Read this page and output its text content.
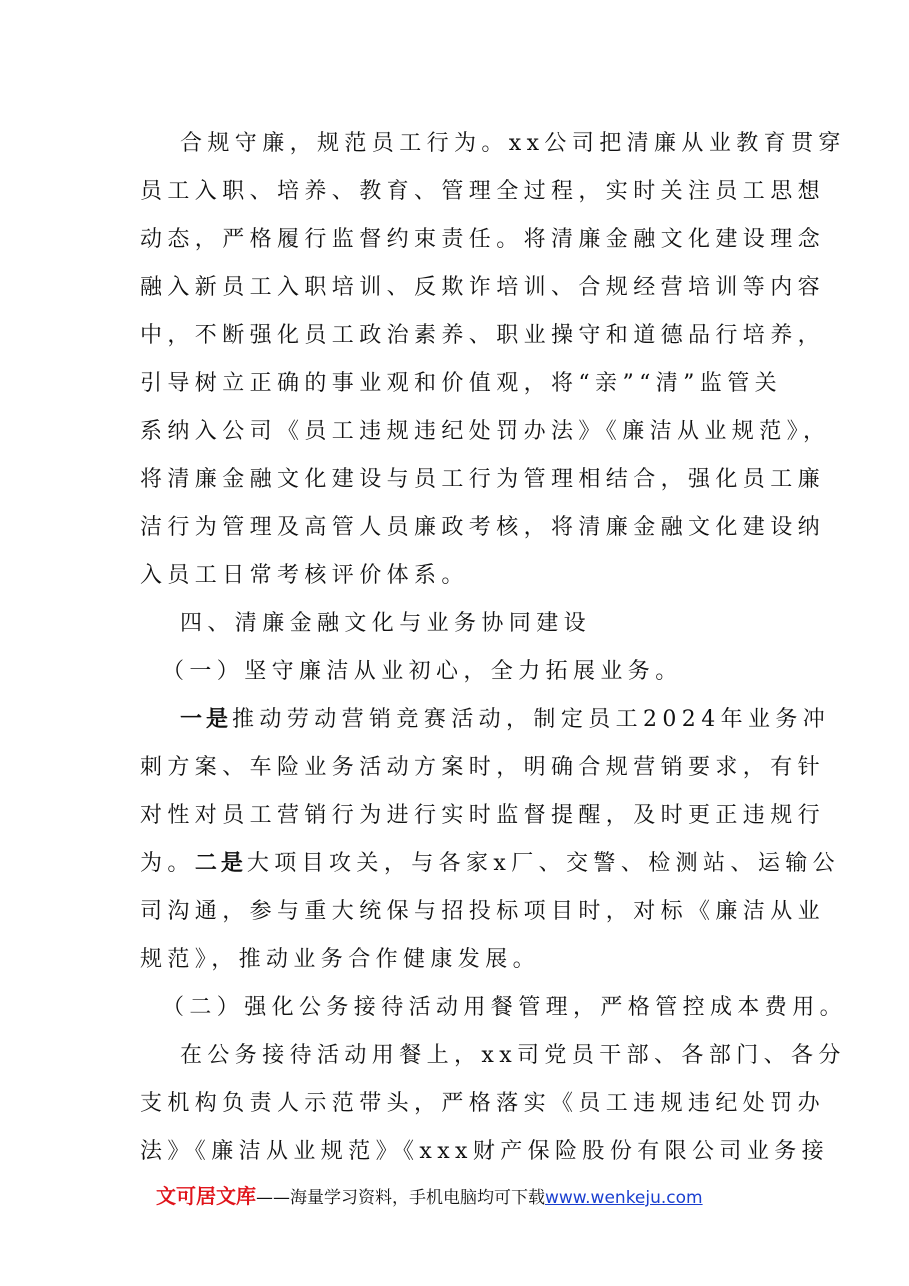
合规守廉，规范员工行为。xx公司把清廉从业教育贯穿
员工入职、培养、教育、管理全过程，实时关注员工思想
动态，严格履行监督约束责任。将清廉金融文化建设理念
融入新员工入职培训、反欺诈培训、合规经营培训等内容
中，不断强化员工政治素养、职业操守和道德品行培养，
引导树立正确的事业观和价值观，将“亲”“清”监管关
系纳入公司《员工违规违纪处罚办法》《廉洁从业规范》，
将清廉金融文化建设与员工行为管理相结合，强化员工廉
洁行为管理及高管人员廉政考核，将清廉金融文化建设纳
入员工日常考核评价体系。
四、清廉金融文化与业务协同建设
（一）坚守廉洁从业初心，全力拓展业务。
一是推动劳动营销竞赛活动，制定员工2024年业务冲
刺方案、车险业务活动方案时，明确合规营销要求，有针
对性对员工营销行为进行实时监督提醒，及时更正违规行
为。二是大项目攻关，与各家x厂、交警、检测站、运输公
司沟通，参与重大统保与招投标项目时，对标《廉洁从业
规范》，推动业务合作健康发展。
（二）强化公务接待活动用餐管理，严格管控成本费用。
在公务接待活动用餐上，xx司党员干部、各部门、各分
支机构负责人示范带头，严格落实《员工违规违纪处罚办
法》《廉洁从业规范》《xxx财产保险股份有限公司业务接
文可居文库——海量学习资料，手机电脑均可下载www.wenkeju.com
